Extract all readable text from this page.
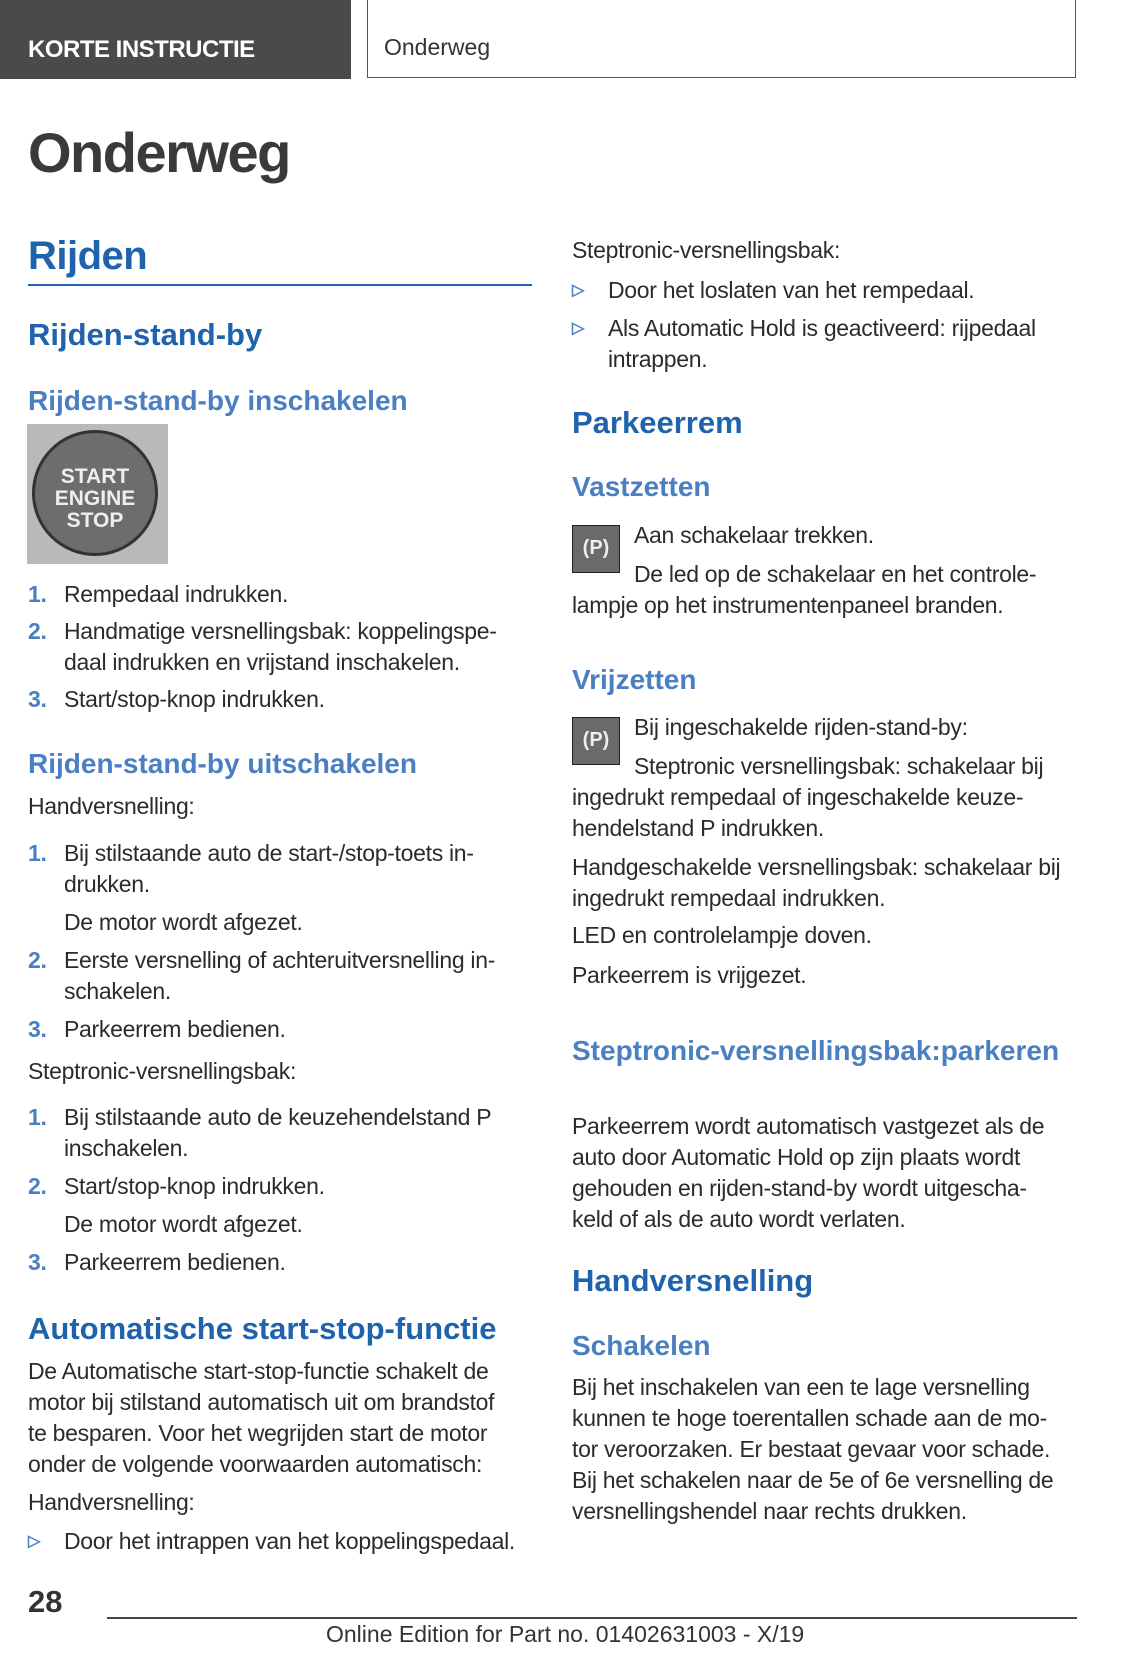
KORTE INSTRUCTIE	Onderweg
Onderweg
Rijden
Rijden-stand-by
Rijden-stand-by inschakelen
START
ENGINE
STOP
1. Rempedaal indrukken.
2. Handmatige versnellingsbak: koppelingspe-
daal indrukken en vrijstand inschakelen.
3. Start/stop-knop indrukken.
Rijden-stand-by uitschakelen
Handversnelling:
1. Bij stilstaande auto de start-/stop-toets in-
drukken.
De motor wordt afgezet.
2. Eerste versnelling of achteruitversnelling in-
schakelen.
3. Parkeerrem bedienen.
Steptronic-versnellingsbak:
1. Bij stilstaande auto de keuzehendelstand P
inschakelen.
2. Start/stop-knop indrukken.
De motor wordt afgezet.
3. Parkeerrem bedienen.
Automatische start-stop-functie
De Automatische start-stop-functie schakelt de
motor bij stilstand automatisch uit om brandstof
te besparen. Voor het wegrijden start de motor
onder de volgende voorwaarden automatisch:
Handversnelling:
▷ Door het intrappen van het koppelingspedaal.
Steptronic-versnellingsbak:
▷ Door het loslaten van het rempedaal.
▷ Als Automatic Hold is geactiveerd: rijpedaal
intrappen.
Parkeerrem
Vastzetten
(P)	Aan schakelaar trekken.
De led op de schakelaar en het controle-
lampje op het instrumentenpaneel branden.
Vrijzetten
(P)	Bij ingeschakelde rijden-stand-by:
Steptronic versnellingsbak: schakelaar bij
ingedrukt rempedaal of ingeschakelde keuze-
hendelstand P indrukken.
Handgeschakelde versnellingsbak: schakelaar bij
ingedrukt rempedaal indrukken.
LED en controlelampje doven.
Parkeerrem is vrijgezet.
Steptronic-versnellingsbak:parkeren
Parkeerrem wordt automatisch vastgezet als de
auto door Automatic Hold op zijn plaats wordt
gehouden en rijden-stand-by wordt uitgescha-
keld of als de auto wordt verlaten.
Handversnelling
Schakelen
Bij het inschakelen van een te lage versnelling
kunnen te hoge toerentallen schade aan de mo-
tor veroorzaken. Er bestaat gevaar voor schade.
Bij het schakelen naar de 5e of 6e versnelling de
versnellingshendel naar rechts drukken.
28
Online Edition for Part no. 01402631003 - X/19
